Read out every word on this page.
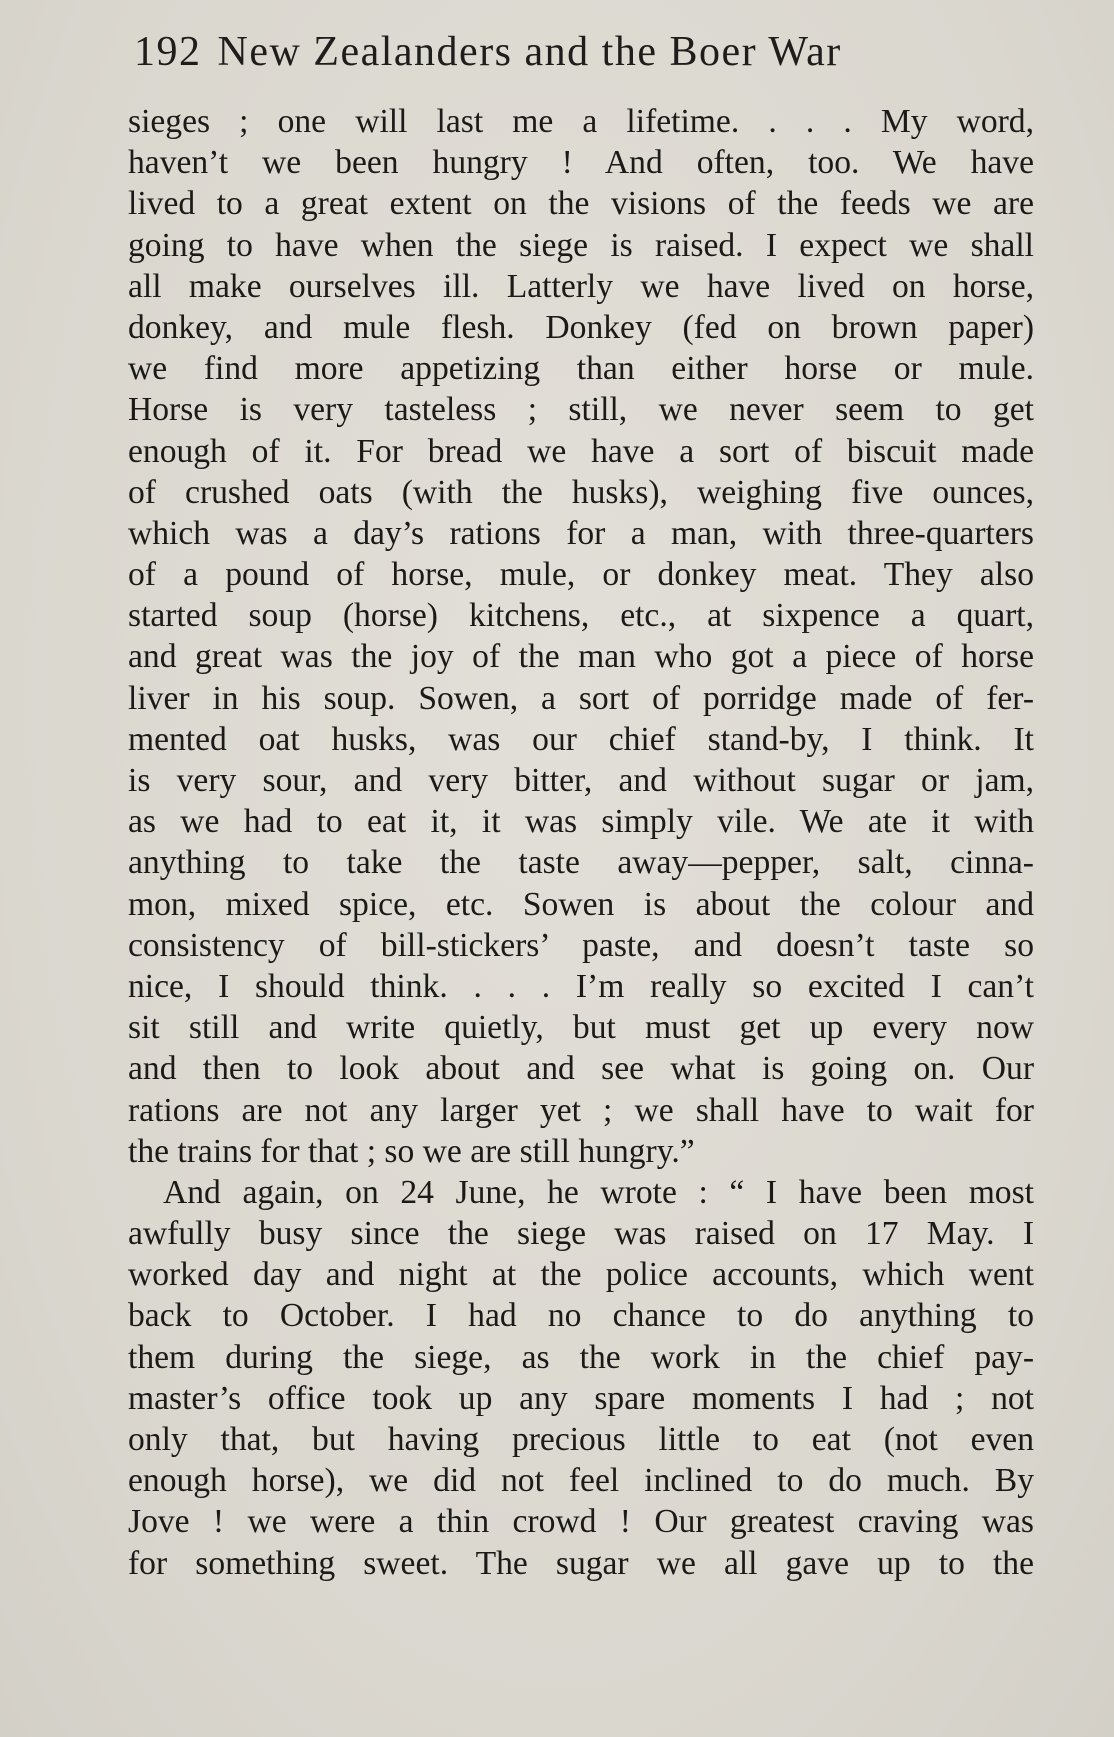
192 New Zealanders and the Boer War
sieges ; one will last me a lifetime. . . . My word,
haven’t we been hungry ! And often, too. We have
lived to a great extent on the visions of the feeds we are
going to have when the siege is raised. I expect we shall
all make ourselves ill. Latterly we have lived on horse,
donkey, and mule flesh. Donkey (fed on brown paper)
we find more appetizing than either horse or mule.
Horse is very tasteless ; still, we never seem to get
enough of it. For bread we have a sort of biscuit made
of crushed oats (with the husks), weighing five ounces,
which was a day’s rations for a man, with three-quarters
of a pound of horse, mule, or donkey meat. They also
started soup (horse) kitchens, etc., at sixpence a quart,
and great was the joy of the man who got a piece of horse
liver in his soup. Sowen, a sort of porridge made of fer-
mented oat husks, was our chief stand-by, I think. It
is very sour, and very bitter, and without sugar or jam,
as we had to eat it, it was simply vile. We ate it with
anything to take the taste away—pepper, salt, cinna-
mon, mixed spice, etc. Sowen is about the colour and
consistency of bill-stickers’ paste, and doesn’t taste so
nice, I should think. . . . I’m really so excited I can’t
sit still and write quietly, but must get up every now
and then to look about and see what is going on. Our
rations are not any larger yet ; we shall have to wait for
the trains for that ; so we are still hungry.”
And again, on 24 June, he wrote : “ I have been most
awfully busy since the siege was raised on 17 May. I
worked day and night at the police accounts, which went
back to October. I had no chance to do anything to
them during the siege, as the work in the chief pay-
master’s office took up any spare moments I had ; not
only that, but having precious little to eat (not even
enough horse), we did not feel inclined to do much. By
Jove ! we were a thin crowd ! Our greatest craving was
for something sweet. The sugar we all gave up to the
